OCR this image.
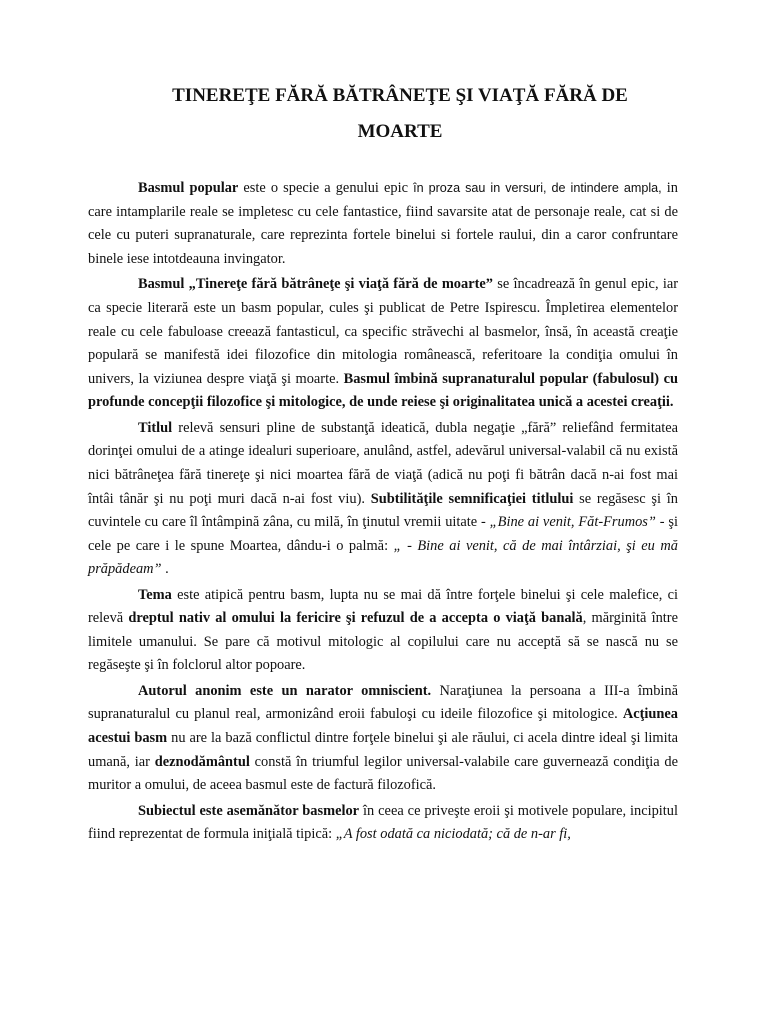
TINEREŢE FĂRĂ BĂTRÂNEŢE ŞI VIAŢĂ FĂRĂ DE
MOARTE

Basmul popular este o specie a genului epic în proza sau in versuri, de intindere ampla, in care intamplarile reale se impletesc cu cele fantastice, fiind savarsite atat de personaje reale, cat si de cele cu puteri supranaturale, care reprezinta fortele binelui si fortele raului, din a caror confruntare binele iese intotdeauna invingator.

Basmul „Tinereţe fără bătrâneţe şi viaţă fără de moarte” se încadrează în genul epic, iar ca specie literară este un basm popular, cules şi publicat de Petre Ispirescu. Împletirea elementelor reale cu cele fabuloase creează fantasticul, ca specific străvechi al basmelor, însă, în această creaţie populară se manifestă idei filozofice din mitologia românească, referitoare la condiţia omului în univers, la viziunea despre viaţă şi moarte. Basmul îmbină supranaturalul popular (fabulosul) cu profunde concepţii filozofice şi mitologice, de unde reiese şi originalitatea unică a acestei creaţii.

Titlul relevă sensuri pline de substanţă ideatică, dubla negaţie „fără” reliefând fermitatea dorinţei omului de a atinge idealuri superioare, anulând, astfel, adevărul universal-valabil că nu există nici bătrâneţea fără tinereţe şi nici moartea fără de viaţă (adică nu poţi fi bătrân dacă n-ai fost mai întâi tânăr şi nu poţi muri dacă n-ai fost viu). Subtilităţile semnificaţiei titlului se regăsesc şi în cuvintele cu care îl întâmpină zâna, cu milă, în ţinutul vremii uitate - „Bine ai venit, Făt-Frumos” - şi cele pe care i le spune Moartea, dându-i o palmă: „ - Bine ai venit, că de mai întârziai, şi eu mă prăpădeam” .

Tema este atipică pentru basm, lupta nu se mai dă între forţele binelui şi cele malefice, ci relevă dreptul nativ al omului la fericire şi refuzul de a accepta o viaţă banală, mărginită între limitele umanului. Se pare că motivul mitologic al copilului care nu acceptă să se nască nu se regăseşte şi în folclorul altor popoare.

Autorul anonim este un narator omniscient. Naraţiunea la persoana a III-a îmbină supranaturalul cu planul real, armonizând eroii fabuloşi cu ideile filozofice şi mitologice. Acţiunea acestui basm nu are la bază conflictul dintre forţele binelui şi ale răului, ci acela dintre ideal şi limita umană, iar deznodământul constă în triumful legilor universal-valabile care guvernează condiţia de muritor a omului, de aceea basmul este de factură filozofică.

Subiectul este asemănător basmelor în ceea ce priveşte eroii şi motivele populare, incipitul fiind reprezentat de formula iniţială tipică: „A fost odată ca niciodată; că de n-ar fi,
